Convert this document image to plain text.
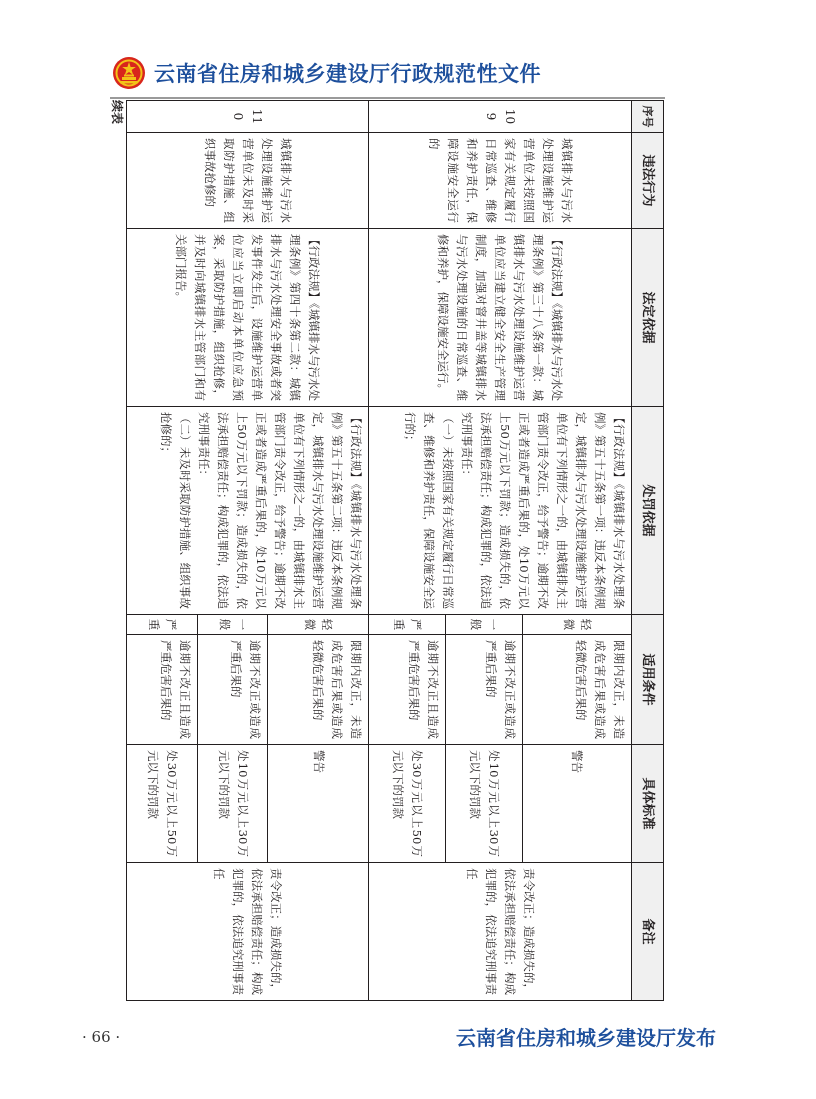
云南省住房和城乡建设厅行政规范性文件
续表	序号	违法行为	法定依据	处罚依据	适用条件		具体标准	备注
109	城镇排水与污水处理设施维护运营单位未按照国家有关规定履行日常巡查、维修和养护责任，保障设施安全运行的	【行政法规】《城镇排水与污水处理条例》第三十八条第一款：城镇排水与污水处理设施维护运营单位应当建立健全安全生产管理制度，加强对窨井盖等城镇排水与污水处理设施的日常巡查、维修和养护，保障设施安全运行。	【行政法规】《城镇排水与污水处理条例》第五十五条第一项：违反本条例规定，城镇排水与污水处理设施维护运营单位有下列情形之一的，由城镇排水主管部门责令改正，给予警告；逾期不改正或者造成严重后果的，处10万元以上50万元以下罚款；造成损失的，依法承担赔偿责任；构成犯罪的，依法追究刑事责任：
（一）未按照国家有关规定履行日常巡查、维修和养护责任，保障设施安全运行的；	轻微	限期内改正，未造成危害后果或造成轻微危害后果的	警告	责令改正；造成损失的，依法承担赔偿责任；构成犯罪的，依法追究刑事责任
				一般	逾期不改正或造成严重后果的	处10万元以上30万元以下的罚款	
				严重	逾期不改正且造成严重危害后果的	处30万元以上50万元以下的罚款	
110	城镇排水与污水处理设施维护运营单位未及时采取防护措施、组织事故抢修的	【行政法规】《城镇排水与污水处理条例》第四十条第二款：城镇排水与污水处理安全事故或者突发事件发生后，设施维护运营单位应当立即启动本单位应急预案，采取防护措施，组织抢修，并及时向城镇排水主管部门和有关部门报告。	【行政法规】《城镇排水与污水处理条例》第五十五条第二项：违反本条例规定，城镇排水与污水处理设施维护运营单位有下列情形之一的，由城镇排水主管部门责令改正，给予警告；逾期不改正或者造成严重后果的，处10万元以上50万元以下罚款；造成损失的，依法承担赔偿责任；构成犯罪的，依法追究刑事责任：
（二）未及时采取防护措施、组织事故抢修的；	轻微	限期内改正，未造成危害后果或造成轻微危害后果的	警告	责令改正；造成损失的，依法承担赔偿责任；构成犯罪的，依法追究刑事责任
				一般	逾期不改正或造成严重后果的	处10万元以上30万元以下的罚款	
				严重	逾期不改正且造成严重危害后果的	处30万元以上50万元以下的罚款	
· 66 ·	云南省住房和城乡建设厅发布
